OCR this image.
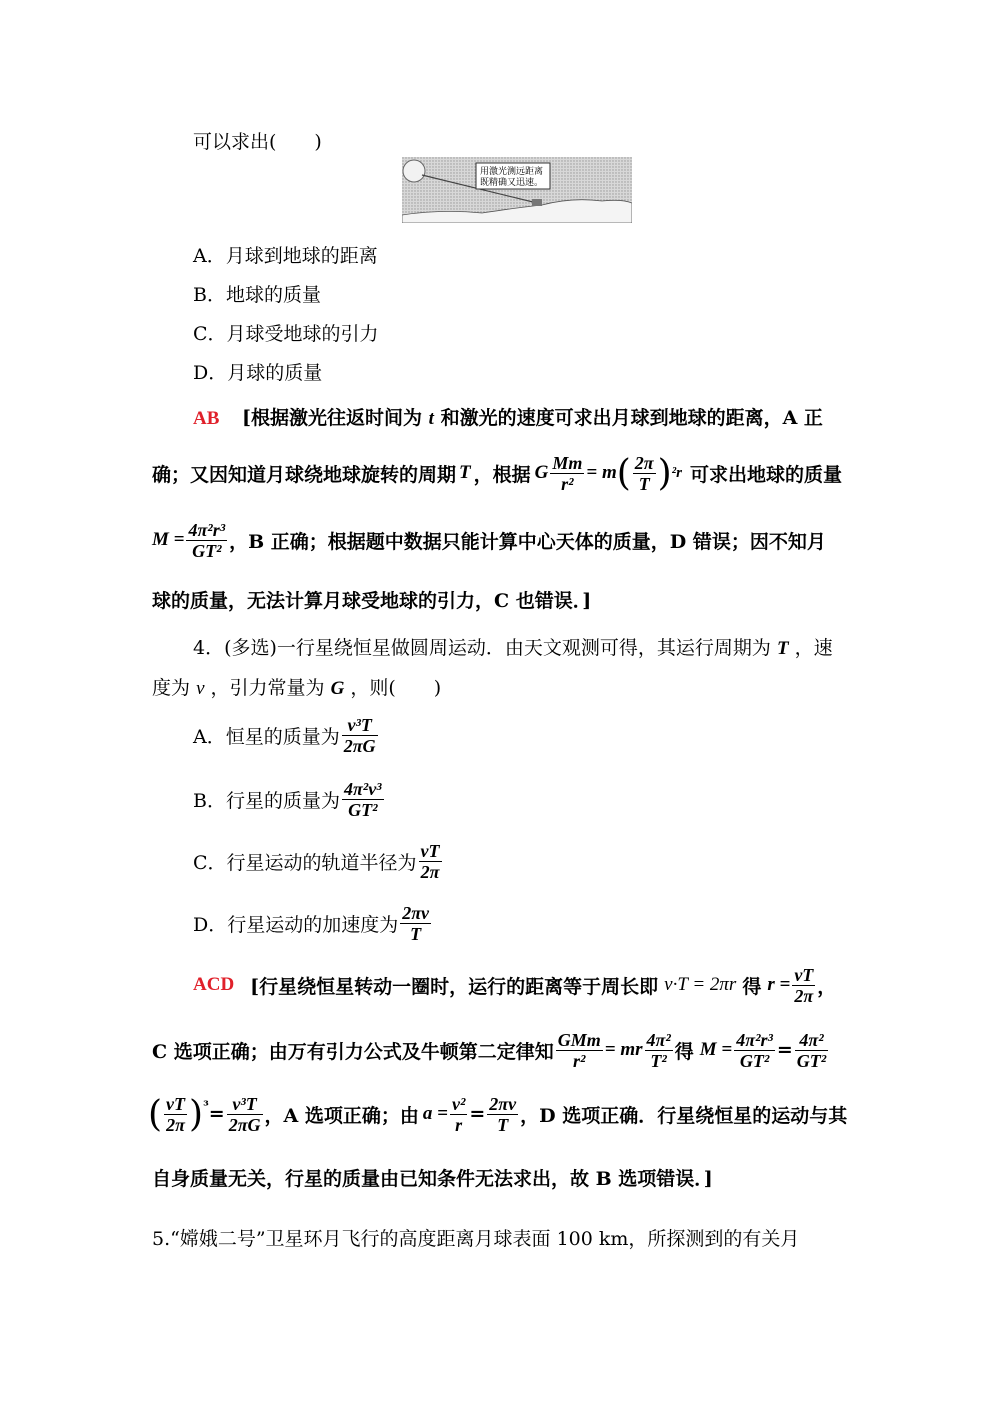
可以求出(　　)
用激光测远距离
既精确又迅速。
A．月球到地球的距离
B．地球的质量
C．月球受地球的引力
D．月球的质量
AB [根据激光往返时间为 t 和激光的速度可求出月球到地球的距离，A 正
确；又因知道月球绕地球旋转的周期 T ，根据 G $\frac{Mm}{\text{r²}} = m$ ( $\frac{2\pi}{T}$ ) ²r 可求出地球的质量
$M = \frac{\text{4π²r³}}{\text{GT²}}$ ，B 正确；根据题中数据只能计算中心天体的质量，D 错误；因不知月
球的质量，无法计算月球受地球的引力，C 也错误．]
4．(多选)一行星绕恒星做圆周运动．由天文观测可得，其运行周期为 T ，速
度为 v ，引力常量为 G ，则(　　)
A．恒星的质量为 $\frac{\text{v³T}}{2\pi G}$
B．行星的质量为 $\frac{\text{4π²v³}}{\text{GT²}}$
C．行星运动的轨道半径为 $\frac{vT}{2\pi}$
D．行星运动的加速度为 $\frac{2\pi v}{T}$
ACD [行星绕恒星转动一圈时，运行的距离等于周长即 v·T = 2πr 得 $r = \frac{vT}{2\pi}$ ，
C 选项正确；由万有引力公式及牛顿第二定律知 $\frac{\text{GMm}}{\text{r²}}$ = mr $\frac{\text{4π²}}{\text{T²}}$ 得 $M = \frac{\text{4π²r³}}{\text{GT²}} = \frac{\text{4π²}}{\text{GT²}}$
( $\frac{vT}{2\pi}$ ) $^3 = \frac{\text{v³T}}{2\pi G}$ ，A 选项正确；由 $a = \frac{\text{v²}}{r} = \frac{2\pi v}{T}$ ，D 选项正确．行星绕恒星的运动与其
自身质量无关，行星的质量由已知条件无法求出，故 B 选项错误．]
5.“嫦娥二号”卫星环月飞行的高度距离月球表面 100 km，所探测到的有关月
